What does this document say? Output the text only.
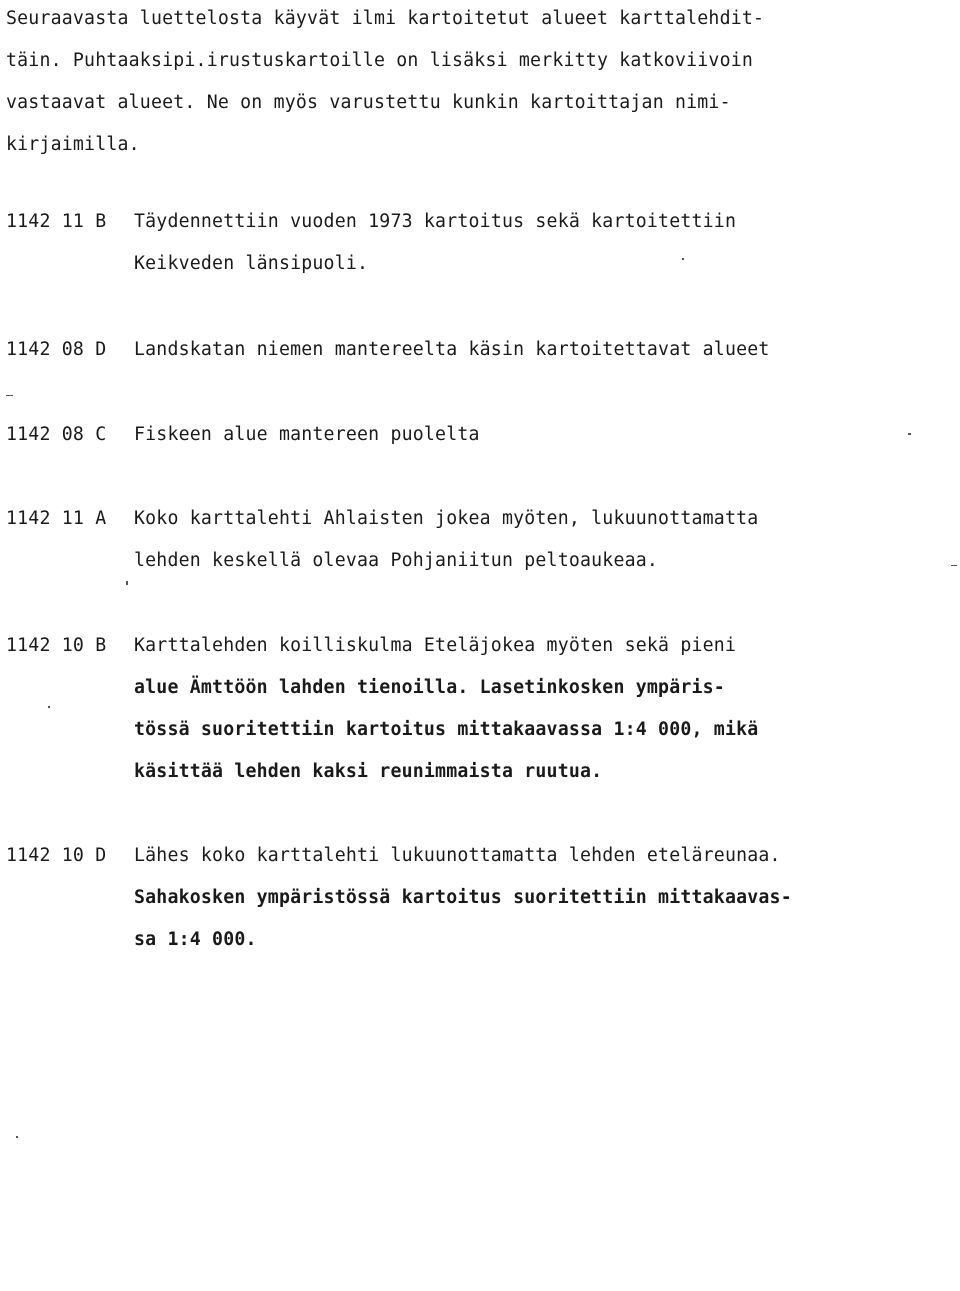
Seuraavasta luettelosta käyvät ilmi kartoitetut alueet karttalehdit-
täin. Puhtaaksipi.irustuskartoille on lisäksi merkitty katkoviivoin
vastaavat alueet. Ne on myös varustettu kunkin kartoittajan nimi-
kirjaimilla.
1142 11 B Täydennettiin vuoden 1973 kartoitus sekä kartoitettiin
Keikveden länsipuoli.
1142 08 D Landskatan niemen mantereelta käsin kartoitettavat alueet
1142 08 C Fiskeen alue mantereen puolelta
1142 11 A Koko karttalehti Ahlaisten jokea myöten, lukuunottamatta
lehden keskellä olevaa Pohjaniitun peltoaukeaa.
1142 10 B Karttalehden koilliskulma Eteläjokea myöten sekä pieni
alue Ämttöön lahden tienoilla. Lasetinkosken ympäris-
tössä suoritettiin kartoitus mittakaavassa 1:4 000, mikä
käsittää lehden kaksi reunimmaista ruutua.
1142 10 D Lähes koko karttalehti lukuunottamatta lehden eteläreunaa.
Sahakosken ympäristössä kartoitus suoritettiin mittakaavas-
sa 1:4 000.
